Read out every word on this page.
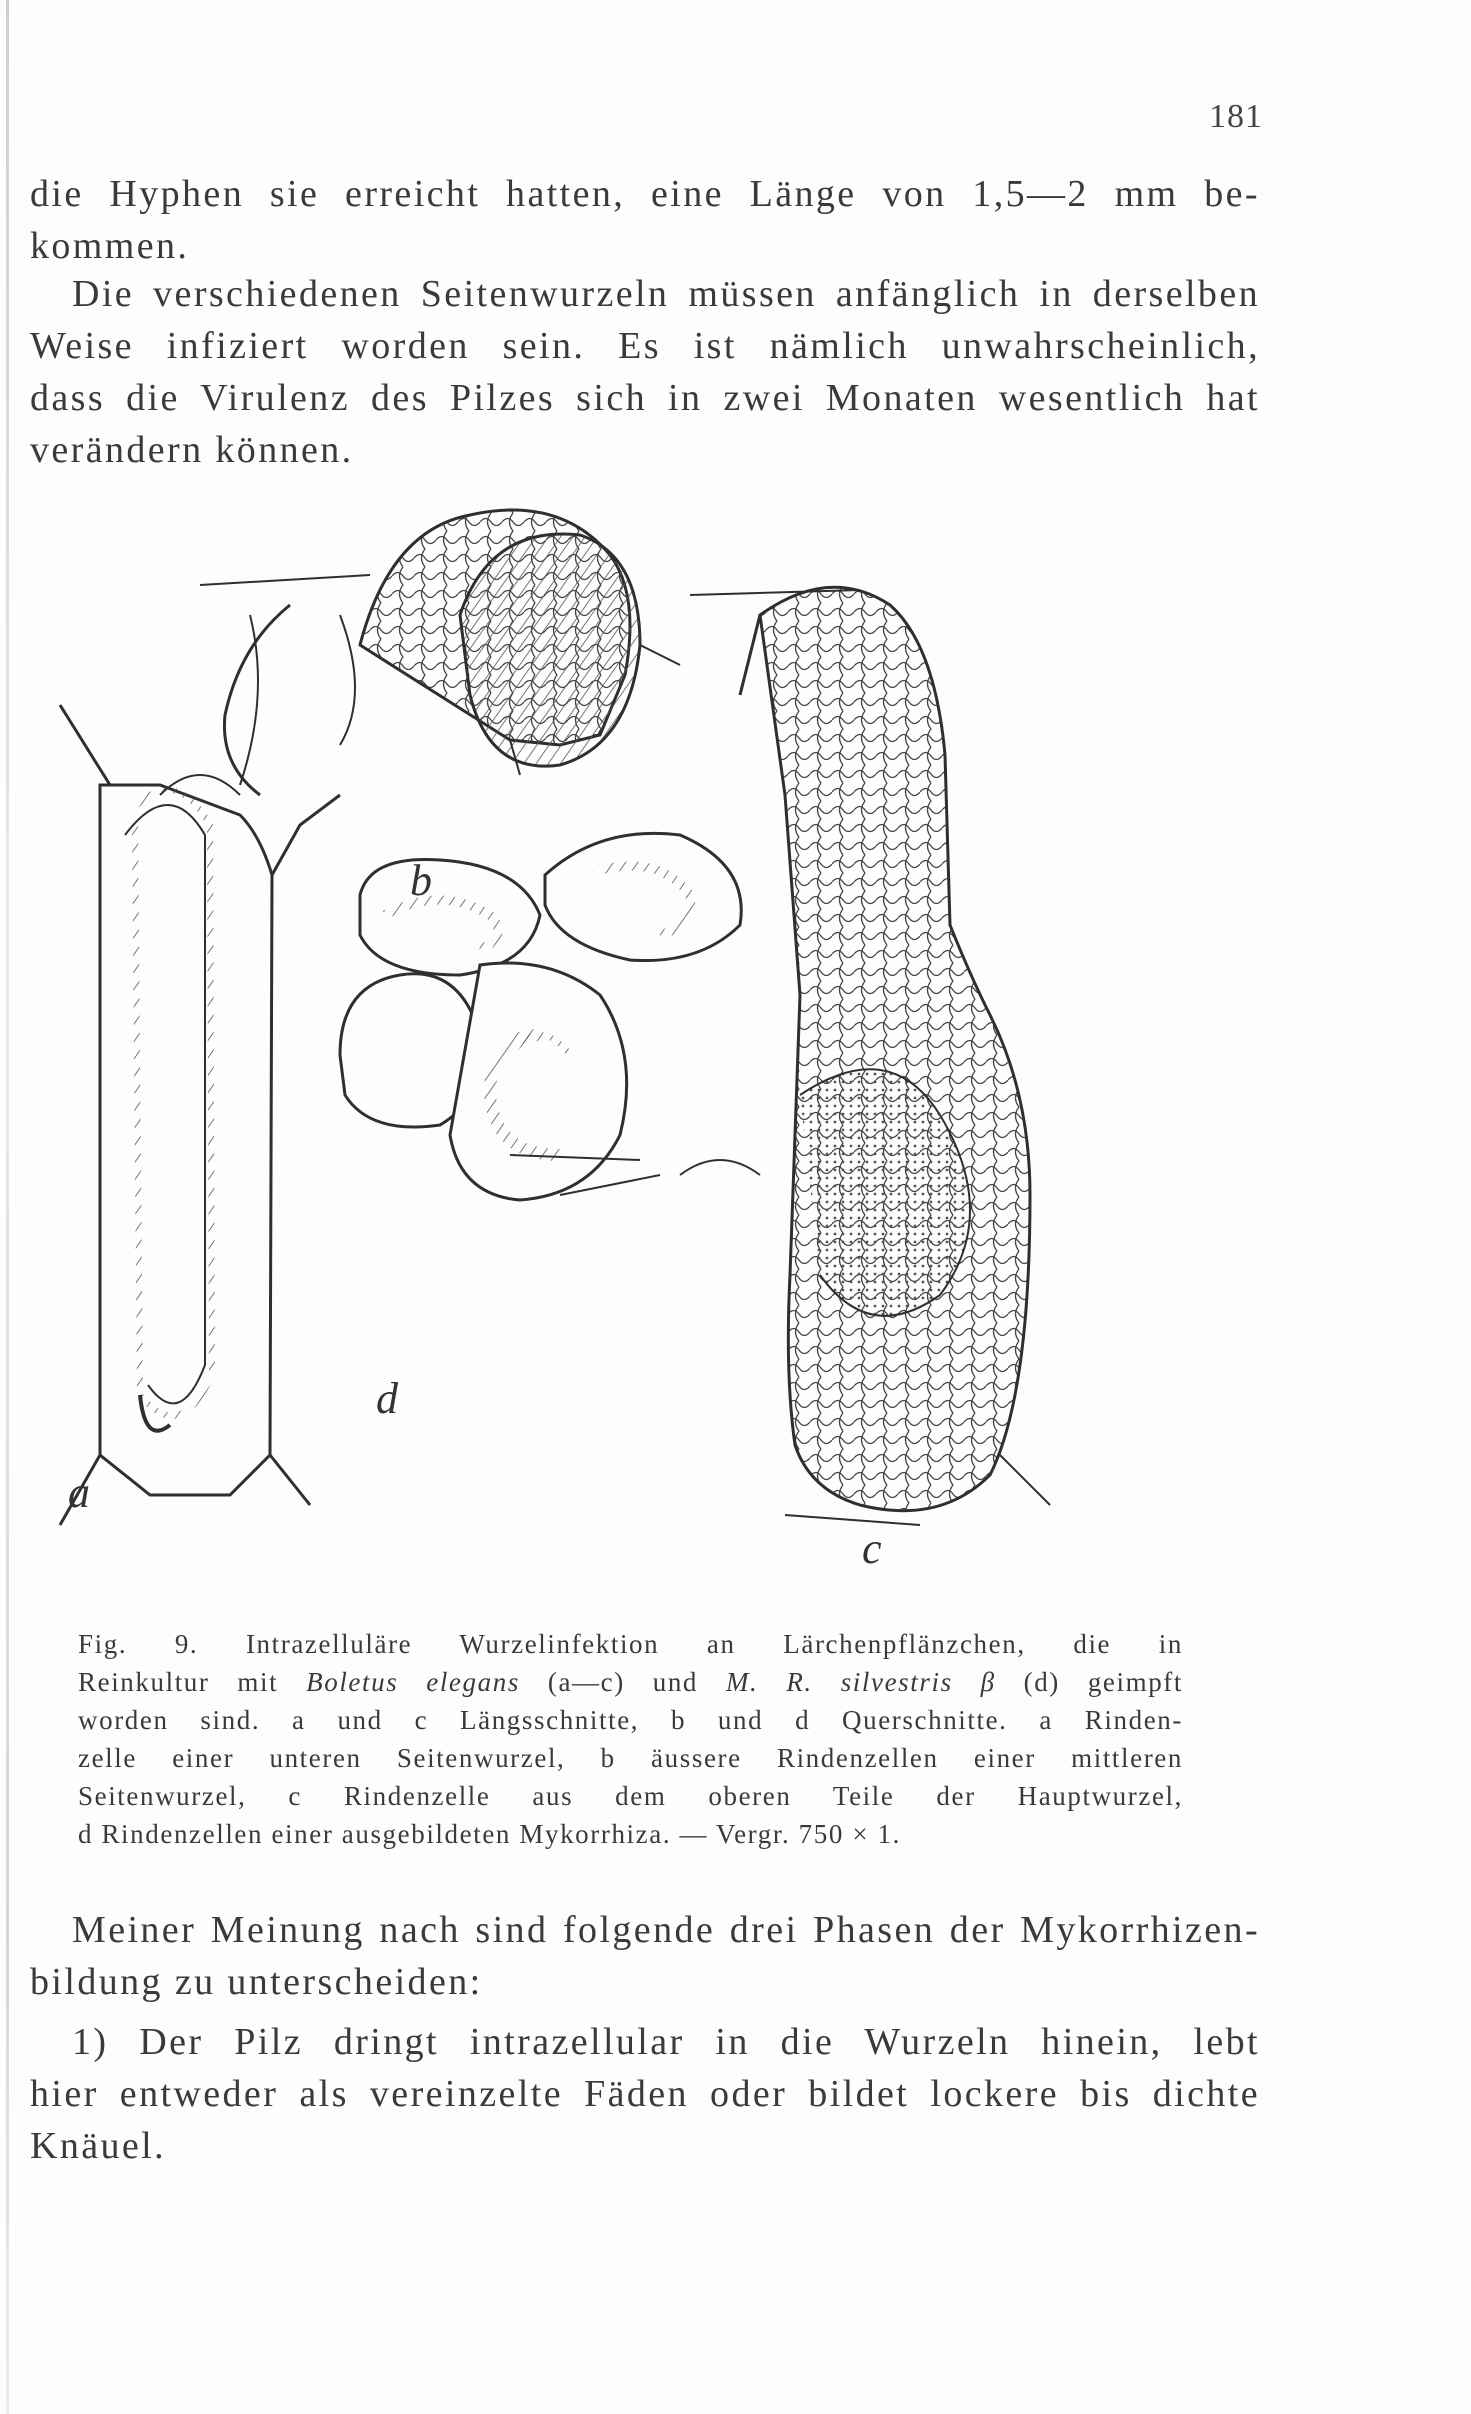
181
die Hyphen sie erreicht hatten, eine Länge von 1,5—2 mm be-
kommen.
Die verschiedenen Seitenwurzeln müssen anfänglich in derselben
Weise infiziert worden sein. Es ist nämlich unwahrscheinlich,
dass die Virulenz des Pilzes sich in zwei Monaten wesentlich hat
verändern können.
a
b
c
d
Fig. 9. Intrazelluläre Wurzelinfektion an Lärchenpflänzchen, die in
Reinkultur mit Boletus elegans (a—c) und M. R. silvestris β (d) geimpft
worden sind. a und c Längsschnitte, b und d Querschnitte. a Rinden-
zelle einer unteren Seitenwurzel, b äussere Rindenzellen einer mittleren
Seitenwurzel, c Rindenzelle aus dem oberen Teile der Hauptwurzel,
d Rindenzellen einer ausgebildeten Mykorrhiza. — Vergr. 750 × 1.
Meiner Meinung nach sind folgende drei Phasen der Mykorrhizen-
bildung zu unterscheiden:
1) Der Pilz dringt intrazellular in die Wurzeln hinein, lebt
hier entweder als vereinzelte Fäden oder bildet lockere bis dichte
Knäuel.
